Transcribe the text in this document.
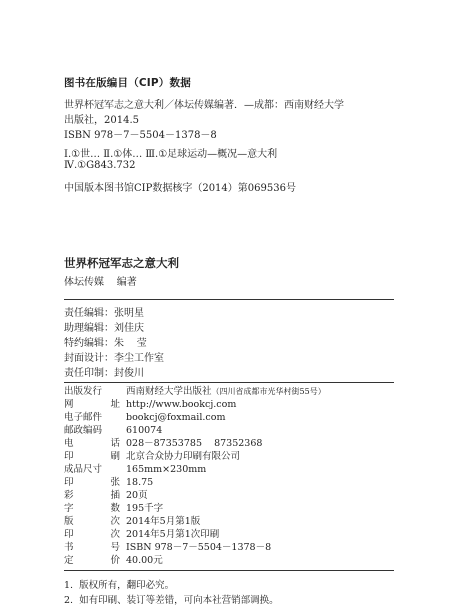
图书在版编目（CIP）数据
世界杯冠军志之意大利／体坛传媒编著．—成都：西南财经大学
出版社，2014.5
ISBN 978－7－5504－1378－8
Ⅰ.①世… Ⅱ.①体… Ⅲ.①足球运动—概况—意大利
Ⅳ.①G843.732
中国版本图书馆CIP数据核字（2014）第069536号
世界杯冠军志之意大利
体坛传媒    编著
责任编辑：张明星
助理编辑：刘佳庆
特约编辑：朱    莹
封面设计：李尘工作室
责任印制：封俊川
出版发行	西南财经大学出版社（四川省成都市光华村街55号）
网	址 http://www.bookcj.com
电子邮件	bookcj@foxmail.com
邮政编码	610074
电	话 028－87353785    87352368
印	刷 北京合众协力印刷有限公司
成品尺寸	165mm×230mm
印	张 18.75
彩	插 20页
字	数 195千字
版	次 2014年5月第1版
印	次 2014年5月第1次印刷
书	号 ISBN 978－7－5504－1378－8
定	价 40.00元
1.  版权所有，翻印必究。
2.  如有印刷、装订等差错，可向本社营销部调换。
